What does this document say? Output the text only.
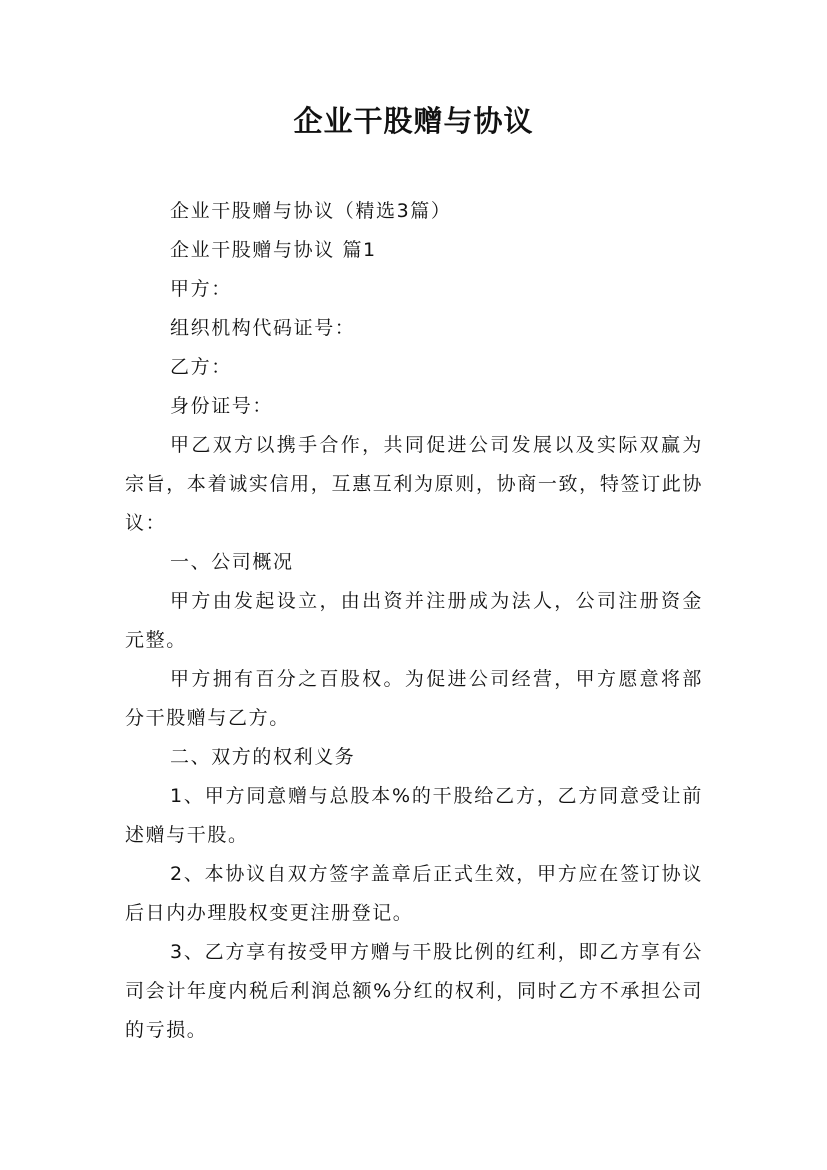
企业干股赠与协议

企业干股赠与协议（精选3篇）

企业干股赠与协议 篇1

甲方：

组织机构代码证号：

乙方：

身份证号：

甲乙双方以携手合作，共同促进公司发展以及实际双赢为宗旨，本着诚实信用，互惠互利为原则，协商一致，特签订此协议：

一、公司概况

甲方由发起设立，由出资并注册成为法人，公司注册资金元整。

甲方拥有百分之百股权。为促进公司经营，甲方愿意将部分干股赠与乙方。

二、双方的权利义务

1、甲方同意赠与总股本%的干股给乙方，乙方同意受让前述赠与干股。

2、本协议自双方签字盖章后正式生效，甲方应在签订协议后日内办理股权变更注册登记。

3、乙方享有按受甲方赠与干股比例的红利，即乙方享有公司会计年度内税后利润总额%分红的权利，同时乙方不承担公司的亏损。
